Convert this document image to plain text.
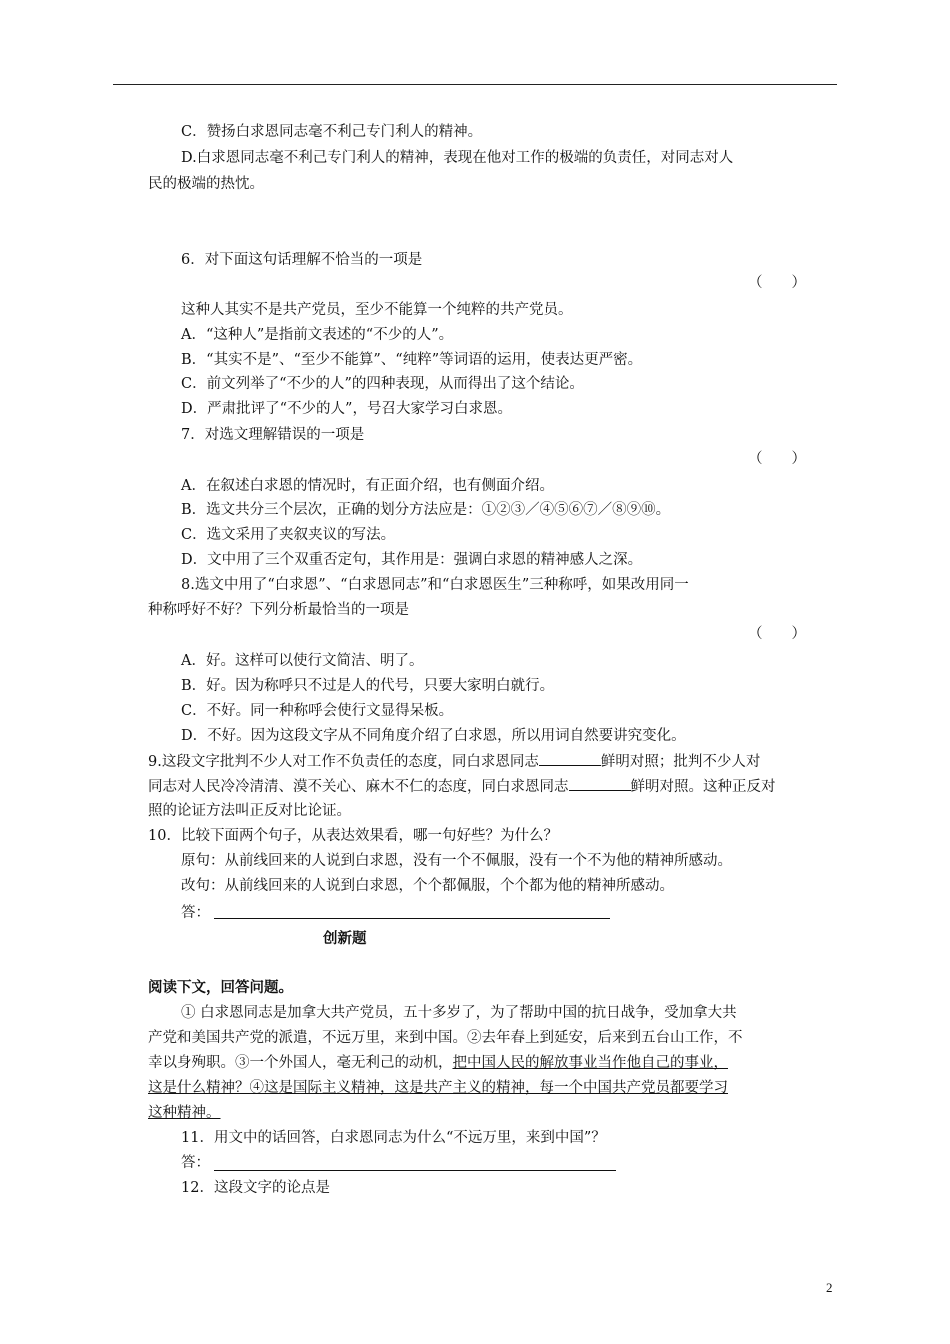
C．赞扬白求恩同志毫不利己专门利人的精神。
D.白求恩同志毫不利己专门利人的精神，表现在他对工作的极端的负责任，对同志对人
民的极端的热忱。
6．对下面这句话理解不恰当的一项是
（　　）
这种人其实不是共产党员，至少不能算一个纯粹的共产党员。
A．“这种人”是指前文表述的“不少的人”。
B．“其实不是”、“至少不能算”、“纯粹”等词语的运用，使表达更严密。
C．前文列举了“不少的人”的四种表现，从而得出了这个结论。
D．严肃批评了“不少的人”，号召大家学习白求恩。
7．对选文理解错误的一项是
（　　）
A．在叙述白求恩的情况时，有正面介绍，也有侧面介绍。
B．选文共分三个层次，正确的划分方法应是：①②③／④⑤⑥⑦／⑧⑨⑩。
C．选文采用了夹叙夹议的写法。
D．文中用了三个双重否定句，其作用是：强调白求恩的精神感人之深。
8.选文中用了“白求恩”、“白求恩同志”和“白求恩医生”三种称呼，如果改用同一
种称呼好不好？下列分析最恰当的一项是
（　　）
A．好。这样可以使行文简洁、明了。
B．好。因为称呼只不过是人的代号，只要大家明白就行。
C．不好。同一种称呼会使行文显得呆板。
D．不好。因为这段文字从不同角度介绍了白求恩，所以用词自然要讲究变化。
9.这段文字批判不少人对工作不负责任的态度，同白求恩同志	鲜明对照；批判不少人对
同志对人民冷冷清清、漠不关心、麻木不仁的态度，同白求恩同志	鲜明对照。这种正反对
照的论证方法叫正反对比论证。
10．比较下面两个句子，从表达效果看，哪一句好些？为什么？
原句：从前线回来的人说到白求恩，没有一个不佩服，没有一个不为他的精神所感动。
改句：从前线回来的人说到白求恩，个个都佩服，个个都为他的精神所感动。
答：
创新题
阅读下文，回答问题。
① 白求恩同志是加拿大共产党员，五十多岁了，为了帮助中国的抗日战争，受加拿大共
产党和美国共产党的派遣，不远万里，来到中国。②去年春上到延安，后来到五台山工作，不
幸以身殉职。③一个外国人，毫无利己的动机，把中国人民的解放事业当作他自己的事业，
这是什么精神？④这是国际主义精神，这是共产主义的精神，每一个中国共产党员都要学习
这种精神。
11．用文中的话回答，白求恩同志为什么“不远万里，来到中国”？
答：
12．这段文字的论点是
2
